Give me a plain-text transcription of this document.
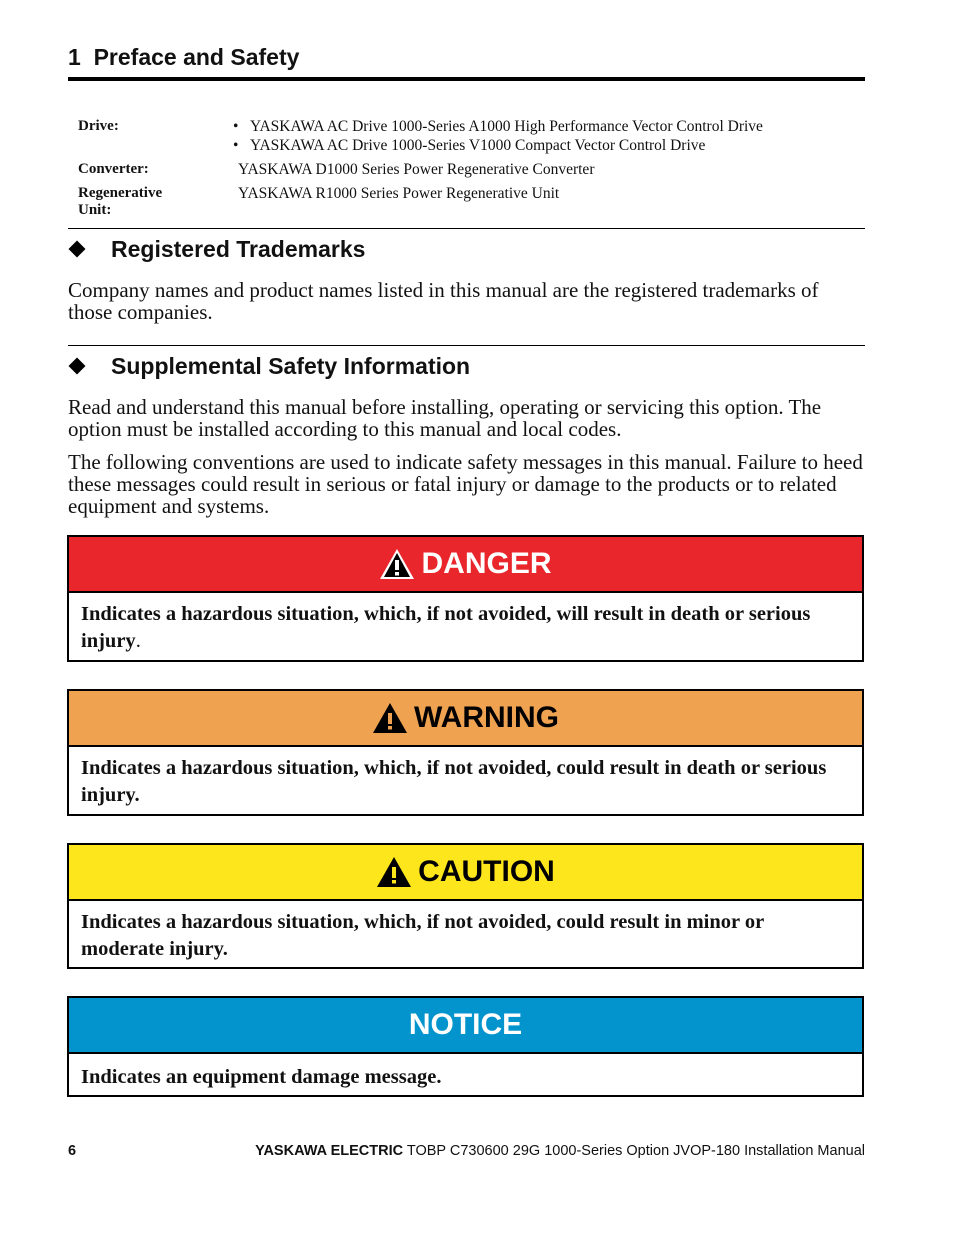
1 Preface and Safety
Drive:	• YASKAWA AC Drive 1000-Series A1000 High Performance Vector Control Drive
• YASKAWA AC Drive 1000-Series V1000 Compact Vector Control Drive
Converter:	YASKAWA D1000 Series Power Regenerative Converter
Regenerative Unit:
YASKAWA R1000 Series Power Regenerative Unit
Registered Trademarks
Company names and product names listed in this manual are the registered trademarks of those companies.
Supplemental Safety Information
Read and understand this manual before installing, operating or servicing this option. The option must be installed according to this manual and local codes.
The following conventions are used to indicate safety messages in this manual. Failure to heed these messages could result in serious or fatal injury or damage to the products or to related equipment and systems.
DANGER
Indicates a hazardous situation, which, if not avoided, will result in death or serious injury.
WARNING
Indicates a hazardous situation, which, if not avoided, could result in death or serious injury.
CAUTION
Indicates a hazardous situation, which, if not avoided, could result in minor or moderate injury.
NOTICE
Indicates an equipment damage message.
6	YASKAWA ELECTRIC TOBP C730600 29G 1000-Series Option JVOP-180 Installation Manual
